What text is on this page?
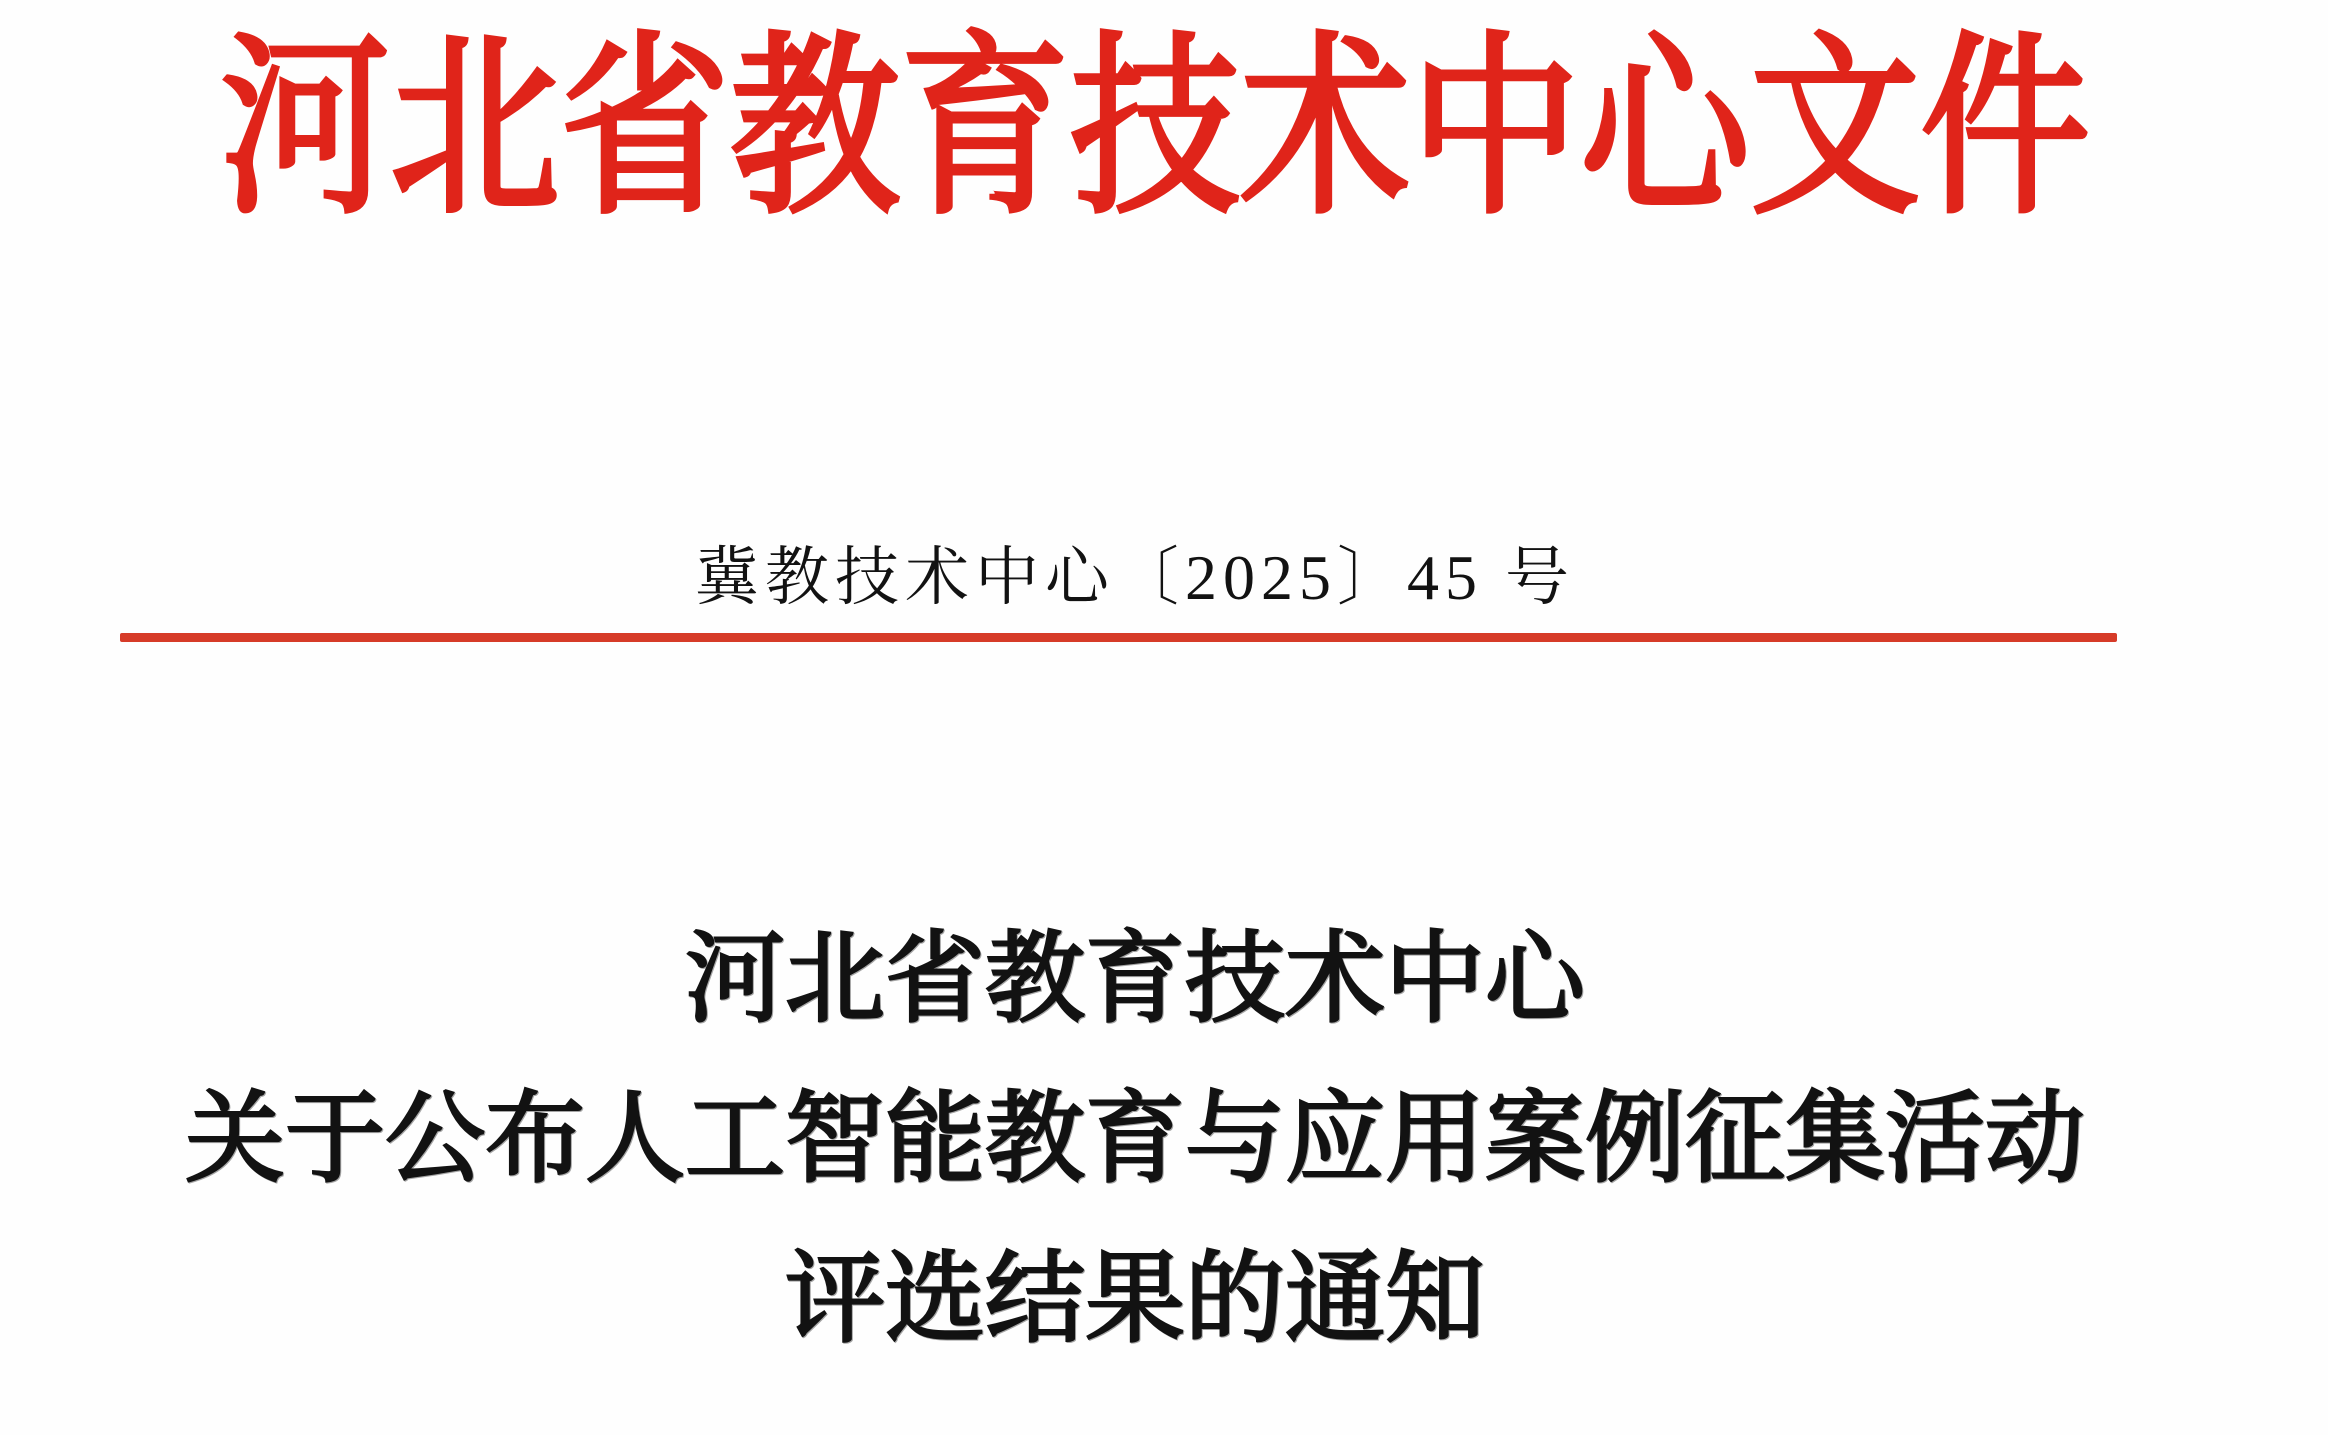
河 北 省 教 育 技 术 中 心 文 件
冀教技术中心〔2025〕45 号
河北省教育技术中心
关于公布人工智能教育与应用案例征集活动
评选结果的通知
